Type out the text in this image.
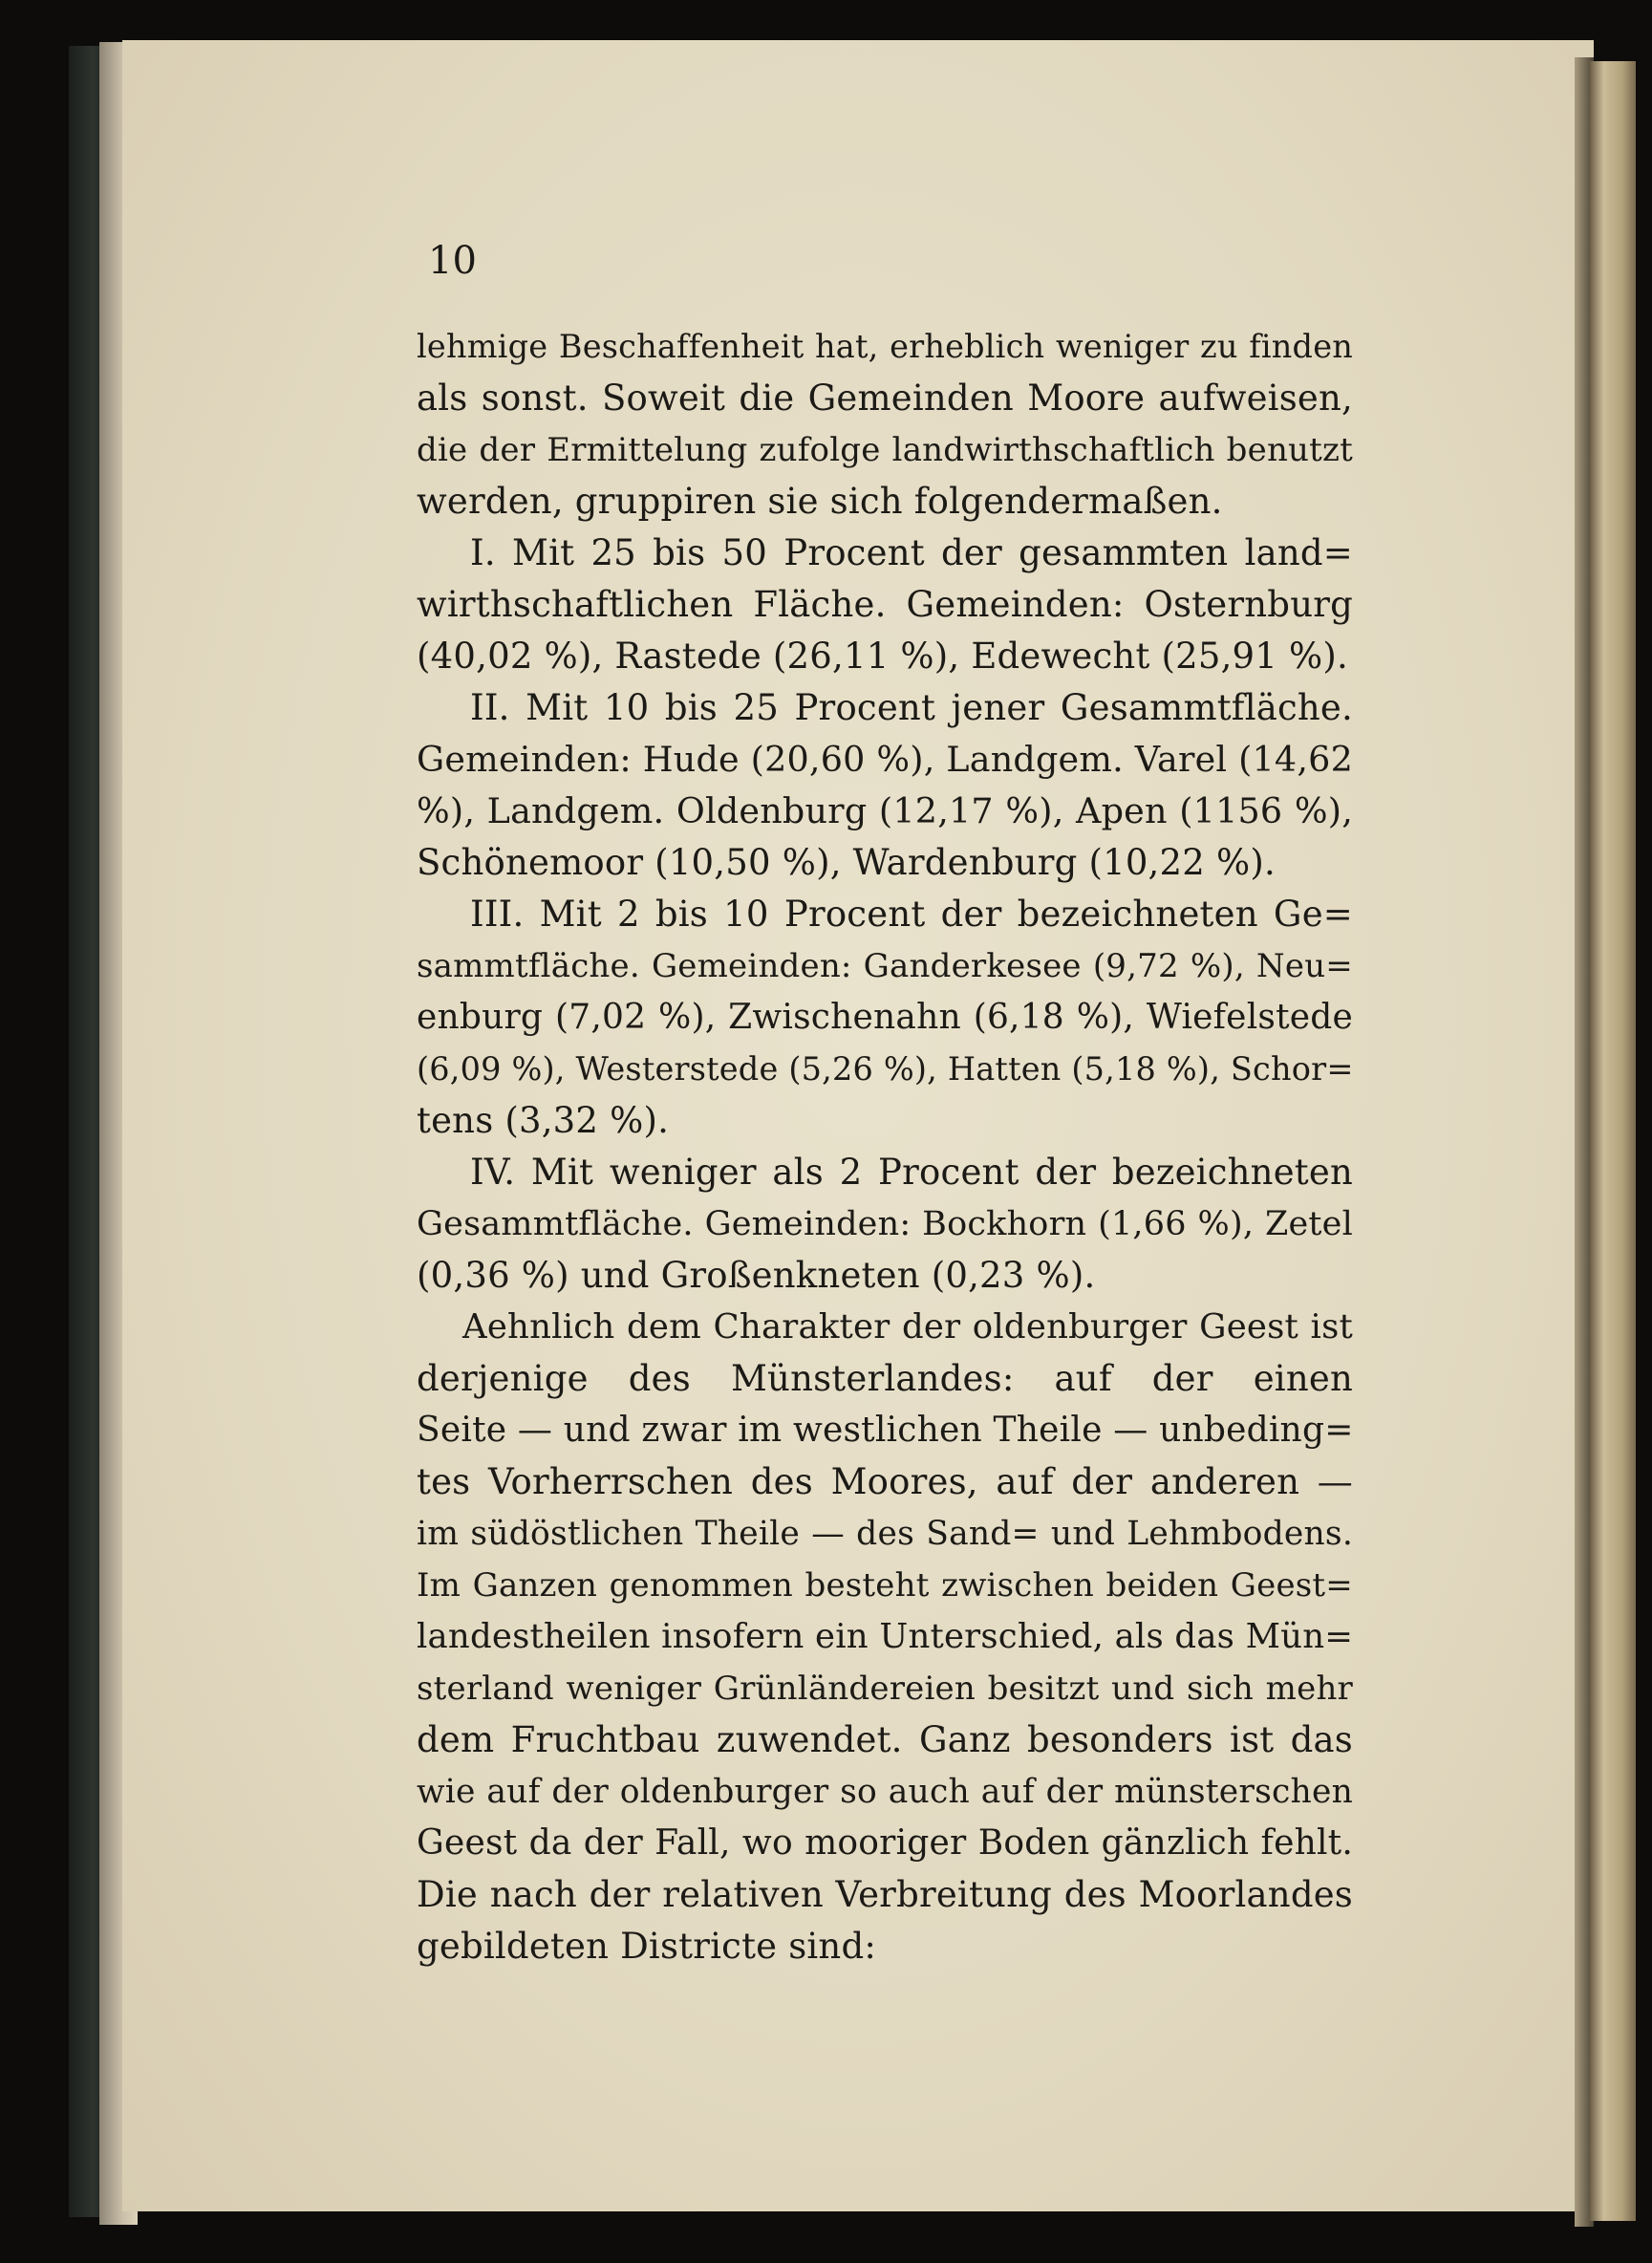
10
lehmige Beschaffenheit hat, erheblich weniger zu finden
als sonst. Soweit die Gemeinden Moore aufweisen,
die der Ermittelung zufolge landwirthschaftlich benutzt
werden, gruppiren sie sich folgendermaßen.
I. Mit 25 bis 50 Procent der gesammten land=
wirthschaftlichen Fläche. Gemeinden: Osternburg
(40,02 %), Rastede (26,11 %), Edewecht (25,91 %).
II. Mit 10 bis 25 Procent jener Gesammtfläche.
Gemeinden: Hude (20,60 %), Landgem. Varel (14,62
%), Landgem. Oldenburg (12,17 %), Apen (1156 %),
Schönemoor (10,50 %), Wardenburg (10,22 %).
III. Mit 2 bis 10 Procent der bezeichneten Ge=
sammtfläche. Gemeinden: Ganderkesee (9,72 %), Neu=
enburg (7,02 %), Zwischenahn (6,18 %), Wiefelstede
(6,09 %), Westerstede (5,26 %), Hatten (5,18 %), Schor=
tens (3,32 %).
IV. Mit weniger als 2 Procent der bezeichneten
Gesammtfläche. Gemeinden: Bockhorn (1,66 %), Zetel
(0,36 %) und Großenkneten (0,23 %).
Aehnlich dem Charakter der oldenburger Geest ist
derjenige des Münsterlandes: auf der einen
Seite — und zwar im westlichen Theile — unbeding=
tes Vorherrschen des Moores, auf der anderen —
im südöstlichen Theile — des Sand= und Lehmbodens.
Im Ganzen genommen besteht zwischen beiden Geest=
landestheilen insofern ein Unterschied, als das Mün=
sterland weniger Grünländereien besitzt und sich mehr
dem Fruchtbau zuwendet. Ganz besonders ist das
wie auf der oldenburger so auch auf der münsterschen
Geest da der Fall, wo mooriger Boden gänzlich fehlt.
Die nach der relativen Verbreitung des Moorlandes
gebildeten Districte sind:
